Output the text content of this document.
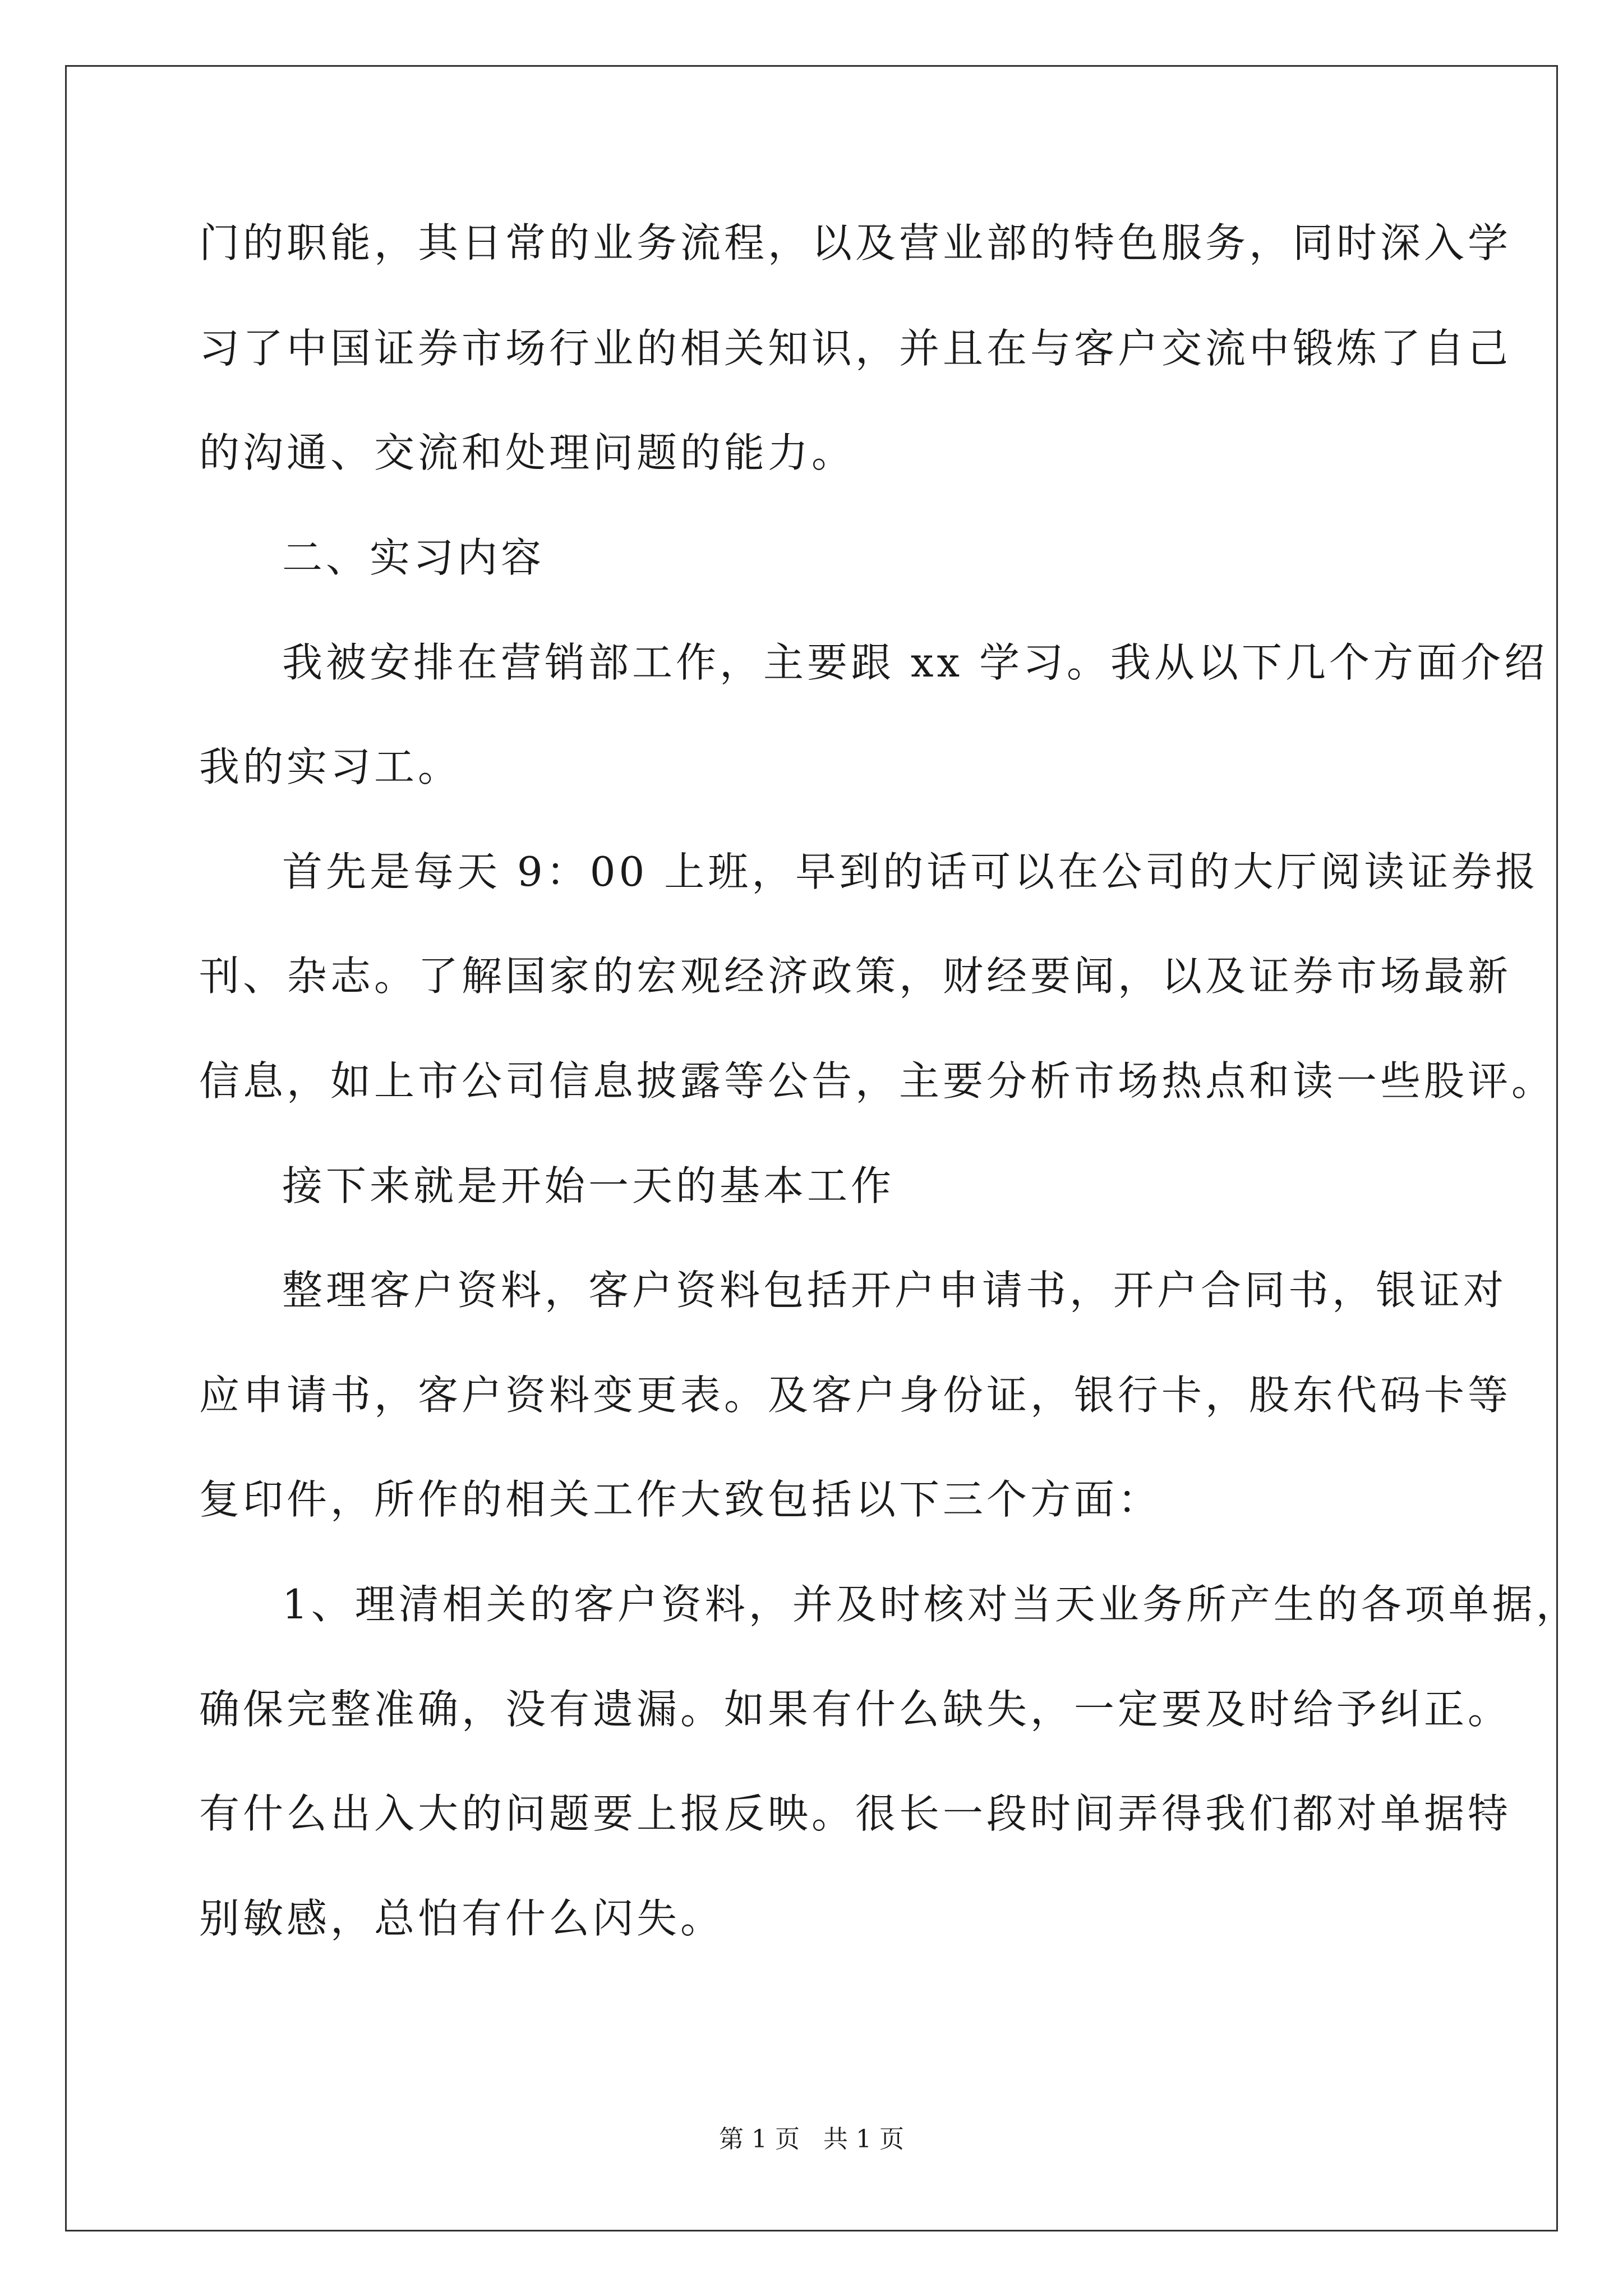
门的职能，其日常的业务流程，以及营业部的特色服务，同时深入学
习了中国证券市场行业的相关知识，并且在与客户交流中锻炼了自己
的沟通、交流和处理问题的能力。
二、实习内容
我被安排在营销部工作，主要跟 xx 学习。我从以下几个方面介绍
我的实习工。
首先是每天 9：00 上班，早到的话可以在公司的大厅阅读证券报
刊、杂志。了解国家的宏观经济政策，财经要闻，以及证券市场最新
信息，如上市公司信息披露等公告，主要分析市场热点和读一些股评。
接下来就是开始一天的基本工作
整理客户资料，客户资料包括开户申请书，开户合同书，银证对
应申请书，客户资料变更表。及客户身份证，银行卡，股东代码卡等
复印件，所作的相关工作大致包括以下三个方面：
1、理清相关的客户资料，并及时核对当天业务所产生的各项单据，
确保完整准确，没有遗漏。如果有什么缺失，一定要及时给予纠正。
有什么出入大的问题要上报反映。很长一段时间弄得我们都对单据特
别敏感，总怕有什么闪失。
第 1 页   共 1 页
